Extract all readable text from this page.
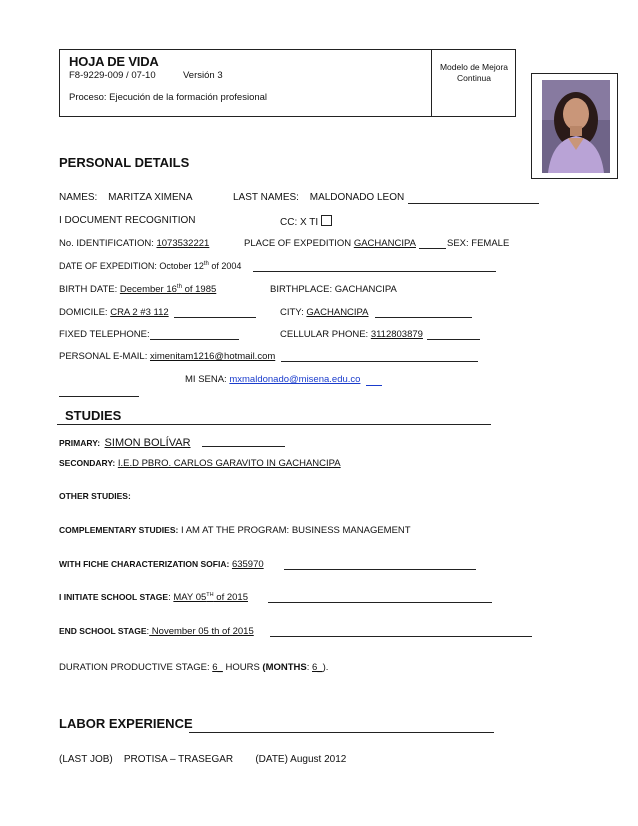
HOJA DE VIDA
F8-9229-009 / 07-10	Versión 3
Proceso: Ejecución de la formación profesional
Modelo de Mejora
Continua
PERSONAL DETAILS
NAMES: MARITZA XIMENA	LAST NAMES: MALDONADO LEON
I DOCUMENT RECOGNITION	CC: X TI
No. IDENTIFICATION: 1073532221	PLACE OF EXPEDITION GACHANCIPA	SEX: FEMALE
DATE OF EXPEDITION: October 12th of 2004
BIRTH DATE: December 16th of 1985	BIRTHPLACE: GACHANCIPA
DOMICILE: CRA 2 #3 112	CITY: GACHANCIPA
FIXED TELEPHONE:	CELLULAR PHONE: 3112803879
PERSONAL E-MAIL: ximenitam1216@hotmail.com
MI SENA: mxmaldonado@misena.edu.co
STUDIES
PRIMARY: SIMON BOLÍVAR
SECONDARY: I.E.D PBRO. CARLOS GARAVITO IN GACHANCIPA
OTHER STUDIES:
COMPLEMENTARY STUDIES: I AM AT THE PROGRAM: BUSINESS MANAGEMENT
WITH FICHE CHARACTERIZATION SOFIA: 635970
I INITIATE SCHOOL STAGE: MAY 05TH of 2015
END SCHOOL STAGE: November 05 th of 2015
DURATION PRODUCTIVE STAGE: 6_ HOURS (MONTHS: 6_).
LABOR EXPERIENCE
(LAST JOB)    PROTISA – TRASEGAR        (DATE) August 2012
